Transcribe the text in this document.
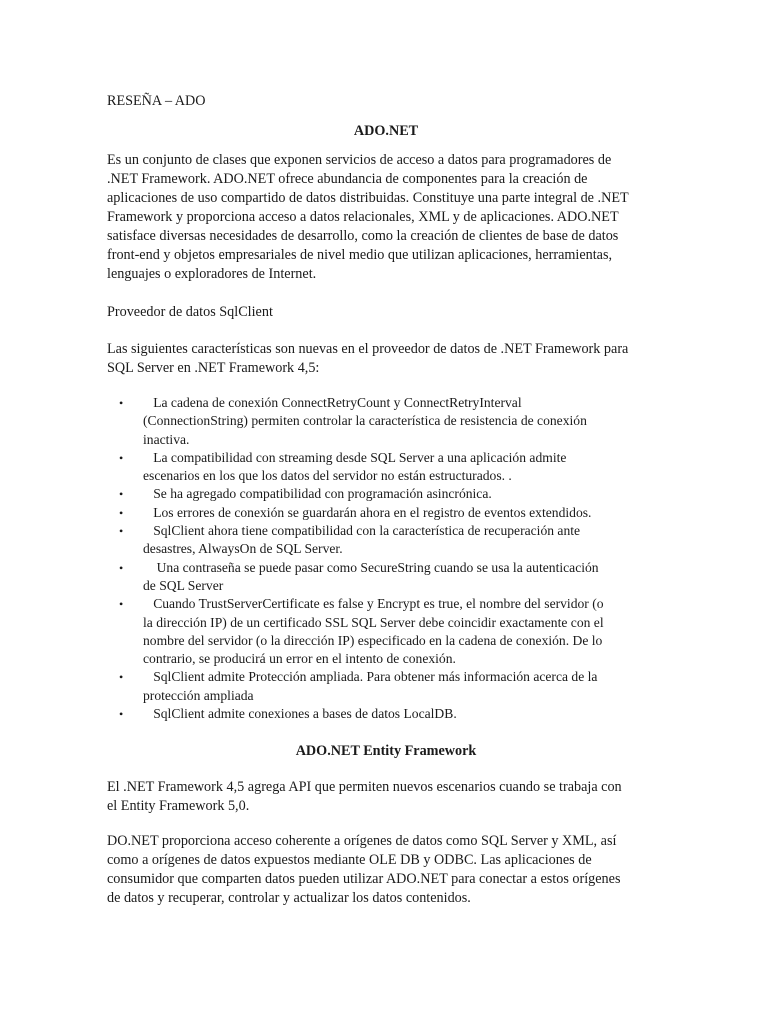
RESEÑA – ADO
ADO.NET
Es un conjunto de clases que exponen servicios de acceso a datos para programadores de
.NET Framework. ADO.NET ofrece abundancia de componentes para la creación de
aplicaciones de uso compartido de datos distribuidas. Constituye una parte integral de .NET
Framework y proporciona acceso a datos relacionales, XML y de aplicaciones. ADO.NET
satisface diversas necesidades de desarrollo, como la creación de clientes de base de datos
front-end y objetos empresariales de nivel medio que utilizan aplicaciones, herramientas,
lenguajes o exploradores de Internet.
Proveedor de datos SqlClient
Las siguientes características son nuevas en el proveedor de datos de .NET Framework para
SQL Server en .NET Framework 4,5:
• La cadena de conexión ConnectRetryCount y ConnectRetryInterval
(ConnectionString) permiten controlar la característica de resistencia de conexión
inactiva.
• La compatibilidad con streaming desde SQL Server a una aplicación admite
escenarios en los que los datos del servidor no están estructurados. .
• Se ha agregado compatibilidad con programación asincrónica.
• Los errores de conexión se guardarán ahora en el registro de eventos extendidos.
• SqlClient ahora tiene compatibilidad con la característica de recuperación ante
desastres, AlwaysOn de SQL Server.
• Una contraseña se puede pasar como SecureString cuando se usa la autenticación
de SQL Server
• Cuando TrustServerCertificate es false y Encrypt es true, el nombre del servidor (o
la dirección IP) de un certificado SSL SQL Server debe coincidir exactamente con el
nombre del servidor (o la dirección IP) especificado en la cadena de conexión. De lo
contrario, se producirá un error en el intento de conexión.
• SqlClient admite Protección ampliada. Para obtener más información acerca de la
protección ampliada
• SqlClient admite conexiones a bases de datos LocalDB.
ADO.NET Entity Framework
El .NET Framework 4,5 agrega API que permiten nuevos escenarios cuando se trabaja con
el Entity Framework 5,0.
DO.NET proporciona acceso coherente a orígenes de datos como SQL Server y XML, así
como a orígenes de datos expuestos mediante OLE DB y ODBC. Las aplicaciones de
consumidor que comparten datos pueden utilizar ADO.NET para conectar a estos orígenes
de datos y recuperar, controlar y actualizar los datos contenidos.
